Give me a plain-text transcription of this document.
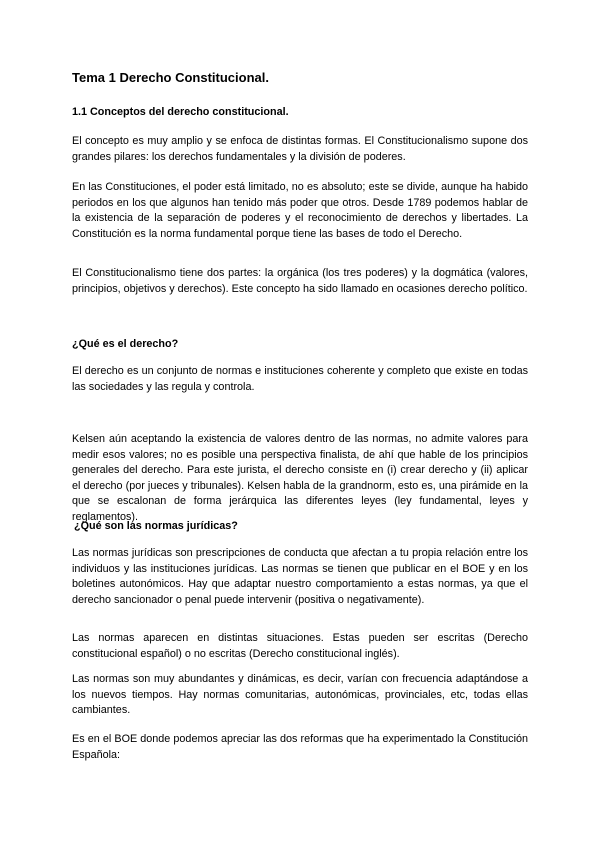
Tema 1 Derecho Constitucional.
1.1 Conceptos del derecho constitucional.

El concepto es muy amplio y se enfoca de distintas formas. El Constitucionalismo supone dos grandes pilares: los derechos fundamentales y la división de poderes.

En las Constituciones, el poder está limitado, no es absoluto; este se divide, aunque ha habido periodos en los que algunos han tenido más poder que otros. Desde 1789 podemos hablar de la existencia de la separación de poderes y el reconocimiento de derechos y libertades. La Constitución es la norma fundamental porque tiene las bases de todo el Derecho.

El Constitucionalismo tiene dos partes: la orgánica (los tres poderes) y la dogmática (valores, principios, objetivos y derechos). Este concepto ha sido llamado en ocasiones derecho político.

¿Qué es el derecho?

El derecho es un conjunto de normas e instituciones coherente y completo que existe en todas las sociedades y las regula y controla.

Kelsen aún aceptando la existencia de valores dentro de las normas, no admite valores para medir esos valores; no es posible una perspectiva finalista, de ahí que hable de los principios generales del derecho. Para este jurista, el derecho consiste en (i) crear derecho y (ii) aplicar el derecho (por jueces y tribunales). Kelsen habla de la grandnorm, esto es, una pirámide en la que se escalonan de forma jerárquica las diferentes leyes (ley fundamental, leyes y reglamentos).

¿Qué son las normas jurídicas?

Las normas jurídicas son prescripciones de conducta que afectan a tu propia relación entre los individuos y las instituciones jurídicas. Las normas se tienen que publicar en el BOE y en los boletines autonómicos. Hay que adaptar nuestro comportamiento a estas normas, ya que el derecho sancionador o penal puede intervenir (positiva o negativamente).

Las normas aparecen en distintas situaciones. Estas pueden ser escritas (Derecho constitucional español) o no escritas (Derecho constitucional inglés).

Las normas son muy abundantes y dinámicas, es decir, varían con frecuencia adaptándose a los nuevos tiempos. Hay normas comunitarias, autonómicas, provinciales, etc, todas ellas cambiantes.

Es en el BOE donde podemos apreciar las dos reformas que ha experimentado la Constitución Española:
